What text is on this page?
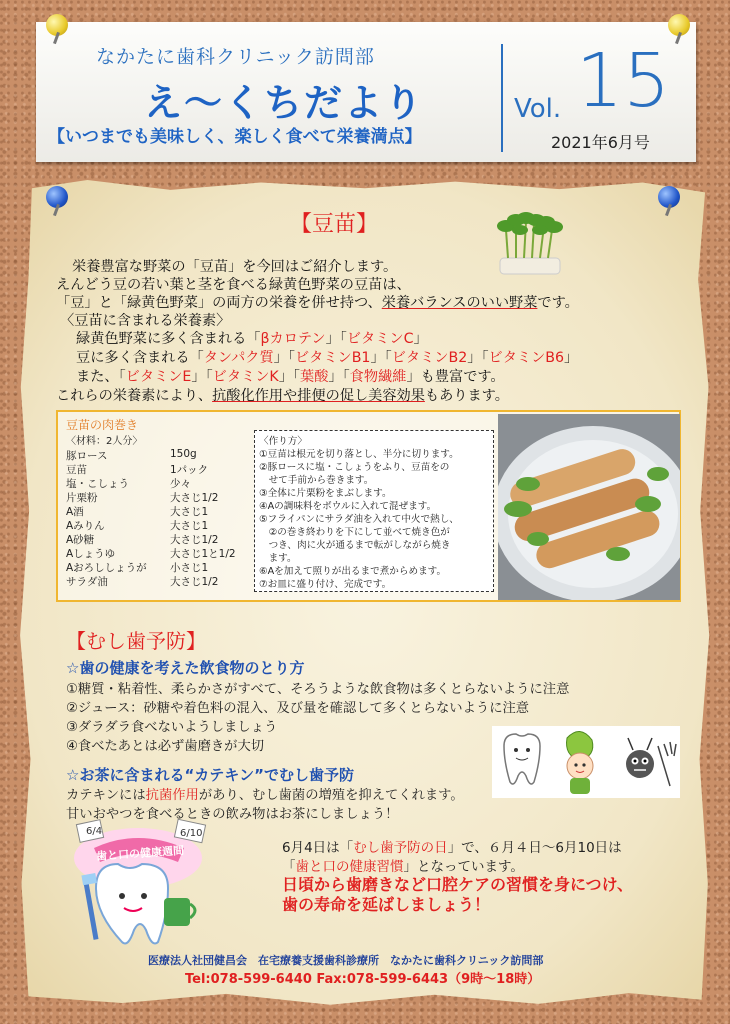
なかたに歯科クリニック訪問部
え～くちだより
【いつまでも美味しく、楽しく食べて栄養満点】
Vol. 15
2021年6月号
【豆苗】
栄養豊富な野菜の「豆苗」を今回はご紹介します。
えんどう豆の若い葉と茎を食べる緑黄色野菜の豆苗は、
「豆」と「緑黄色野菜」の両方の栄養を併せ持つ、栄養バランスのいい野菜です。
〈豆苗に含まれる栄養素〉
緑黄色野菜に多く含まれる「βカロテン」「ビタミンC」
豆に多く含まれる「タンパク質」「ビタミンB1」「ビタミンB2」「ビタミンB6」
また、「ビタミンE」「ビタミンK」「葉酸」「食物繊維」も豊富です。
これらの栄養素により、抗酸化作用や排便の促し美容効果もあります。
豆苗の肉巻き
〈材料：2人分〉
豚ロース	150g
豆苗	1パック
塩・こしょう	少々
片栗粉	大さじ1/2
A酒	大さじ1
Aみりん	大さじ1
A砂糖	大さじ1/2
Aしょうゆ	大さじ1と1/2
Aおろししょうが 小さじ1
サラダ油	大さじ1/2
〈作り方〉
①豆苗は根元を切り落とし、半分に切ります。
②豚ロースに塩・こしょうをふり、豆苗をの
　せて手前から巻きます。
③全体に片栗粉をまぶします。
④Aの調味料をボウルに入れて混ぜます。
⑤フライパンにサラダ油を入れて中火で熱し、
　②の巻き終わりを下にして並べて焼き色が
　つき、肉に火が通るまで転がしながら焼き
　ます。
⑥Aを加えて照りが出るまで煮からめます。
⑦お皿に盛り付け、完成です。
【むし歯予防】
☆歯の健康を考えた飲食物のとり方
①糖質・粘着性、柔らかさがすべて、そろうような飲食物は多くとらないように注意
②ジュース：砂糖や着色料の混入、及び量を確認して多くとらないように注意
③ダラダラ食べないようしましょう
④食べたあとは必ず歯磨きが大切
☆お茶に含まれる“カテキン”でむし歯予防
カテキンには抗菌作用があり、むし歯菌の増殖を抑えてくれます。
甘いおやつを食べるときの飲み物はお茶にしましょう！
6/4	6/10
歯と口の健康週間	6月4日は「むし歯予防の日」で、６月４日～6月10日は
「歯と口の健康習慣」となっています。
日頃から歯磨きなど口腔ケアの習慣を身につけ、
歯の寿命を延ばしましょう！
医療法人社団健昌会　在宅療養支援歯科診療所　なかたに歯科クリニック訪問部
Tel:078-599-6440 Fax:078-599-6443（9時～18時）
